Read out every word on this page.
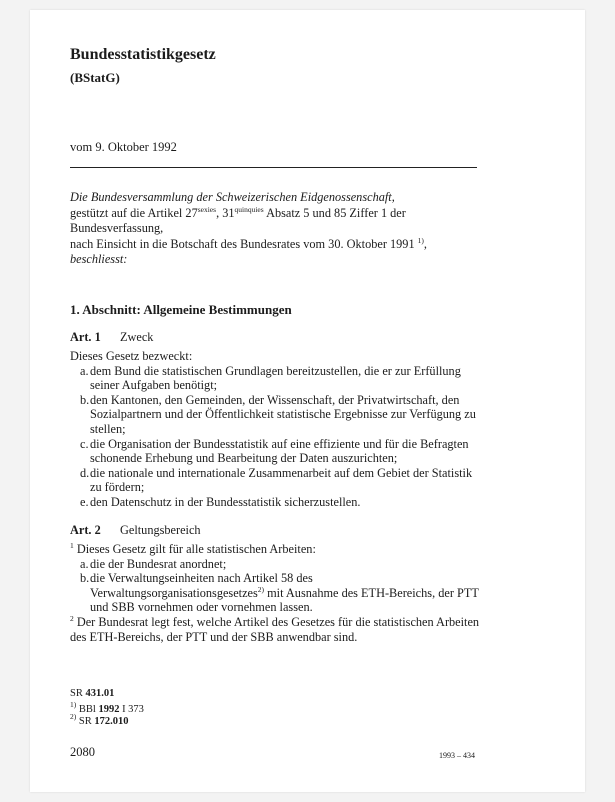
Bundesstatistikgesetz
(BStatG)
vom 9. Oktober 1992

Die Bundesversammlung der Schweizerischen Eidgenossenschaft,

gestützt auf die Artikel $27^{sexies}$, $31^{quinquies}$ Absatz 5 und 85 Ziffer 1 der Bundesverfassung,

nach Einsicht in die Botschaft des Bundesrates vom 30. Oktober 1991 $^{1)}$,

beschliesst:

1. Abschnitt: Allgemeine Bestimmungen
Art. 1 Zweck

Dieses Gesetz bezweckt:

a. dem Bund die statistischen Grundlagen bereitzustellen, die er zur Erfüllung seiner Aufgaben benötigt;
b. den Kantonen, den Gemeinden, der Wissenschaft, der Privatwirtschaft, den Sozialpartnern und der Öffentlichkeit statistische Ergebnisse zur Verfügung zu stellen;
c. die Organisation der Bundesstatistik auf eine effiziente und für die Befragten schonende Erhebung und Bearbeitung der Daten auszurichten;
d. die nationale und internationale Zusammenarbeit auf dem Gebiet der Statistik zu fördern;
e. den Datenschutz in der Bundesstatistik sicherzustellen.
Art. 2 Geltungsbereich

$^1$ Dieses Gesetz gilt für alle statistischen Arbeiten:

a. die der Bundesrat anordnet;
b. die Verwaltungseinheiten nach Artikel 58 des Verwaltungsorganisationsgesetzes$^{2)}$ mit Ausnahme des ETH-Bereichs, der PTT und SBB vornehmen oder vornehmen lassen.

$^2$ Der Bundesrat legt fest, welche Artikel des Gesetzes für die statistischen Arbeiten des ETH-Bereichs, der PTT und der SBB anwendbar sind.

SR 431.01
$^{1)}$ BBl 1992 I 373
$^{2)}$ SR 172.010
2080	1993 – 434
